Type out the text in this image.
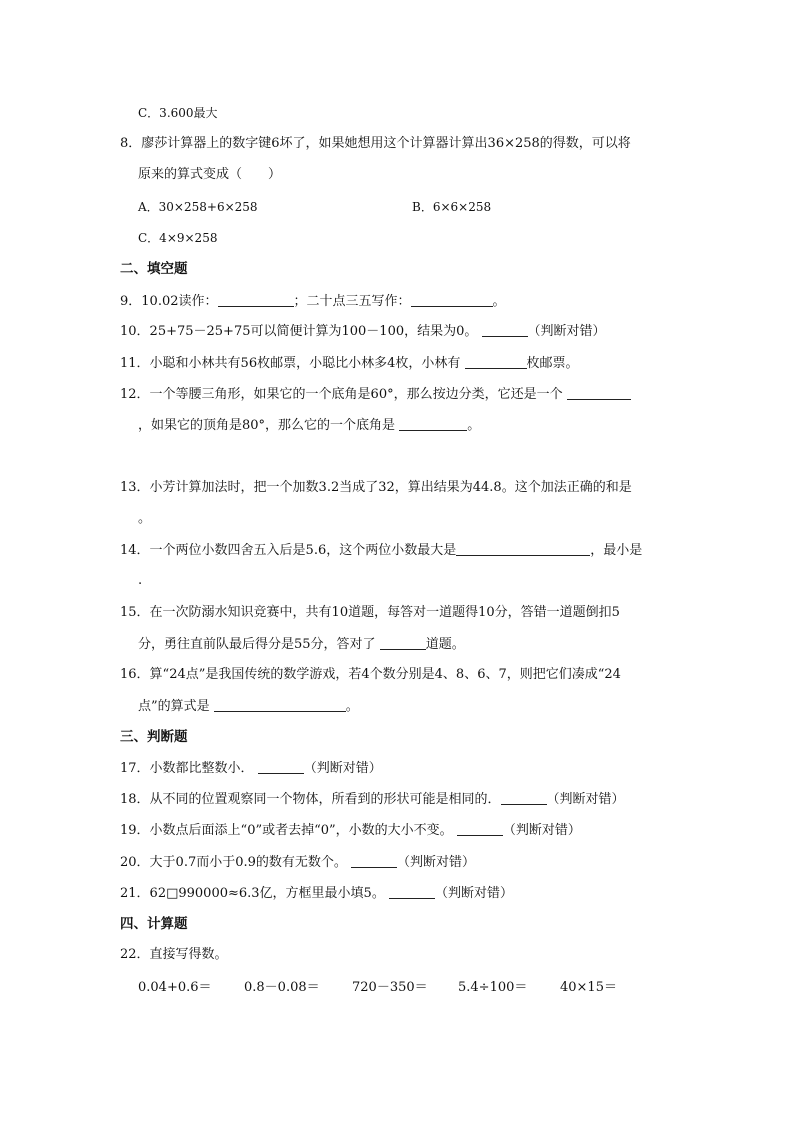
C．3.600最大
8．廖莎计算器上的数字键6坏了，如果她想用这个计算器计算出36×258的得数，可以将
原来的算式变成（　　）
A．30×258+6×258	B．6×6×258
C．4×9×258
二、填空题
9．10.02读作：	；二十点三五写作：	。
10．25+75－25+75可以简便计算为100－100，结果为0。	（判断对错）
11．小聪和小林共有56枚邮票，小聪比小林多4枚，小林有	枚邮票。
12．一个等腰三角形，如果它的一个底角是60°，那么按边分类，它还是一个
，如果它的顶角是80°，那么它的一个底角是	。
13．小芳计算加法时，把一个加数3.2当成了32，算出结果为44.8。这个加法正确的和是
。
14．一个两位小数四舍五入后是5.6，这个两位小数最大是	，最小是
.
15．在一次防溺水知识竞赛中，共有10道题，每答对一道题得10分，答错一道题倒扣5
分，勇往直前队最后得分是55分，答对了	道题。
16．算“24点”是我国传统的数学游戏，若4个数分别是4、8、6、7，则把它们凑成“24
点”的算式是	。
三、判断题
17．小数都比整数小．	（判断对错）
18．从不同的位置观察同一个物体，所看到的形状可能是相同的．	（判断对错）
19．小数点后面添上“0”或者去掉“0”，小数的大小不变。	（判断对错）
20．大于0.7而小于0.9的数有无数个。	（判断对错）
21．62□990000≈6.3亿，方框里最小填5。	（判断对错）
四、计算题
22．直接写得数。
0.04+0.6＝ 0.8－0.08＝ 720－350＝ 5.4÷100＝	40×15＝
